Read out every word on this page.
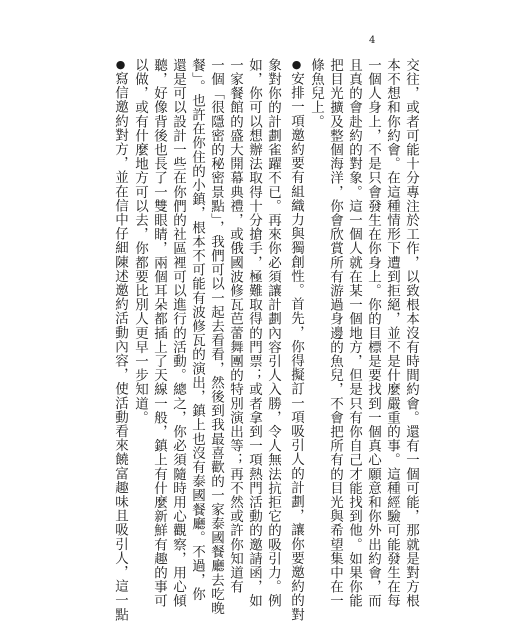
4
交往，或者可能十分專注於工作，以致根本沒有時間約會。還有一個可能，那就是對方根
本不想和你約會。在這種情形下遭到拒絕，並不是什麼嚴重的事。這種經驗可能發生在每
一個人身上，不是只會發生在你身上。你的目標是要找到一個真心願意和你外出約會，而
且真的會赴約的對象。這一個人就在某一個地方，但是只有你自己才能找到他。如果你能
把目光擴及整個海洋，你會欣賞所有游過身邊的魚兒，不會把所有的目光與希望集中在一
條魚兒上。
●安排一項邀約要有組織力與獨創性。首先，你得擬訂一項吸引人的計劃，讓你要邀約的對
象對你的計劃雀躍不已。再來你必須讓計劃內容引人入勝，令人無法抗拒它的吸引力。例
如，你可以想辦法取得十分搶手，極難取得的門票；或者拿到一項熱門活動的邀請函，如
一家餐館的盛大開幕典禮，或俄國波修瓦芭蕾舞團的特別演出等；再不然或許你知道有
一個「很隱密的秘密景點」，我們可以一起去看看，然後到我最喜歡的一家泰國餐廳去吃晚
餐」。也許在你住的小鎮，根本不可能有波修瓦的演出，鎮上也沒有泰國餐廳。不過，你
還是可以設計一些在你們的社區裡可以進行的活動。總之，你必須隨時用心觀察，用心傾
聽，好像背後也長了一雙眼睛，兩個耳朵都插上了天線一般，鎮上有什麼新鮮有趣的事可
以做，或有什麼地方可以去，你都要比別人更早一步知道。
●寫信邀約對方，並在信中仔細陳述邀約活動內容，使活動看來饒富趣味且吸引人，這一點
